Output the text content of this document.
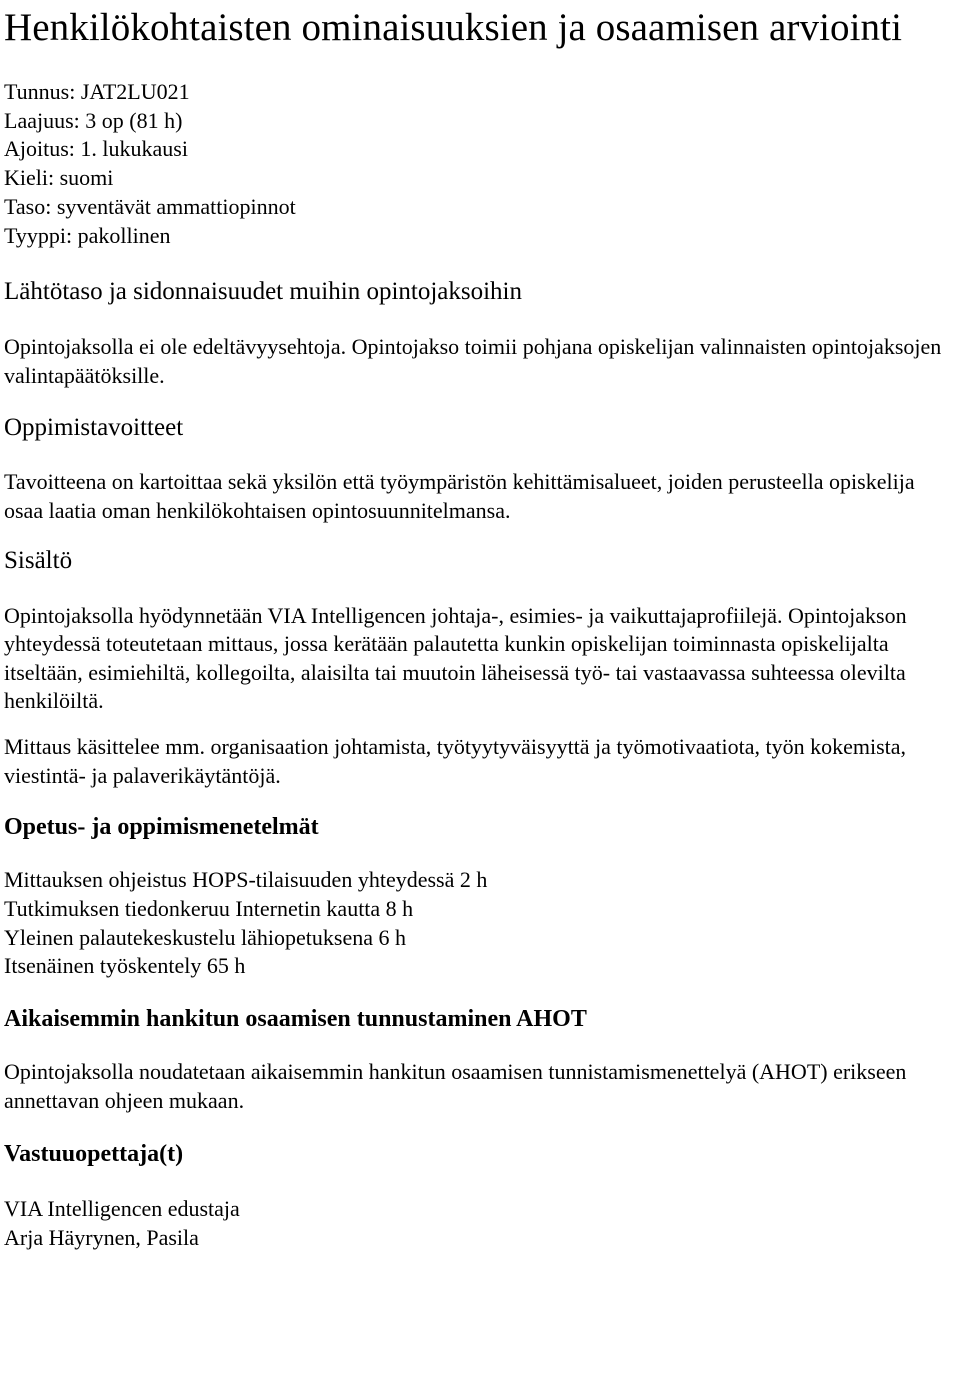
Henkilökohtaisten ominaisuuksien ja osaamisen arviointi
Tunnus: JAT2LU021
Laajuus: 3 op (81 h)
Ajoitus: 1. lukukausi
Kieli: suomi
Taso: syventävät ammattiopinnot
Tyyppi: pakollinen
Lähtötaso ja sidonnaisuudet muihin opintojaksoihin

Opintojaksolla ei ole edeltävyysehtoja. Opintojakso toimii pohjana opiskelijan valinnaisten opintojaksojen valintapäätöksille.

Oppimistavoitteet

Tavoitteena on kartoittaa sekä yksilön että työympäristön kehittämisalueet, joiden perusteella opiskelija osaa laatia oman henkilökohtaisen opintosuunnitelmansa.

Sisältö

Opintojaksolla hyödynnetään VIA Intelligencen johtaja-, esimies- ja vaikuttajaprofiilejä. Opintojakson yhteydessä toteutetaan mittaus, jossa kerätään palautetta kunkin opiskelijan toiminnasta opiskelijalta itseltään, esimiehiltä, kollegoilta, alaisilta tai muutoin läheisessä työ- tai vastaavassa suhteessa olevilta henkilöiltä.

Mittaus käsittelee mm. organisaation johtamista, työtyytyväisyyttä ja työmotivaatiota, työn kokemista, viestintä- ja palaverikäytäntöjä.

Opetus- ja oppimismenetelmät
Mittauksen ohjeistus HOPS-tilaisuuden yhteydessä 2 h
Tutkimuksen tiedonkeruu Internetin kautta 8 h
Yleinen palautekeskustelu lähiopetuksena 6 h
Itsenäinen työskentely 65 h
Aikaisemmin hankitun osaamisen tunnustaminen AHOT

Opintojaksolla noudatetaan aikaisemmin hankitun osaamisen tunnistamismenettelyä (AHOT) erikseen annettavan ohjeen mukaan.

Vastuuopettaja(t)
VIA Intelligencen edustaja
Arja Häyrynen, Pasila
